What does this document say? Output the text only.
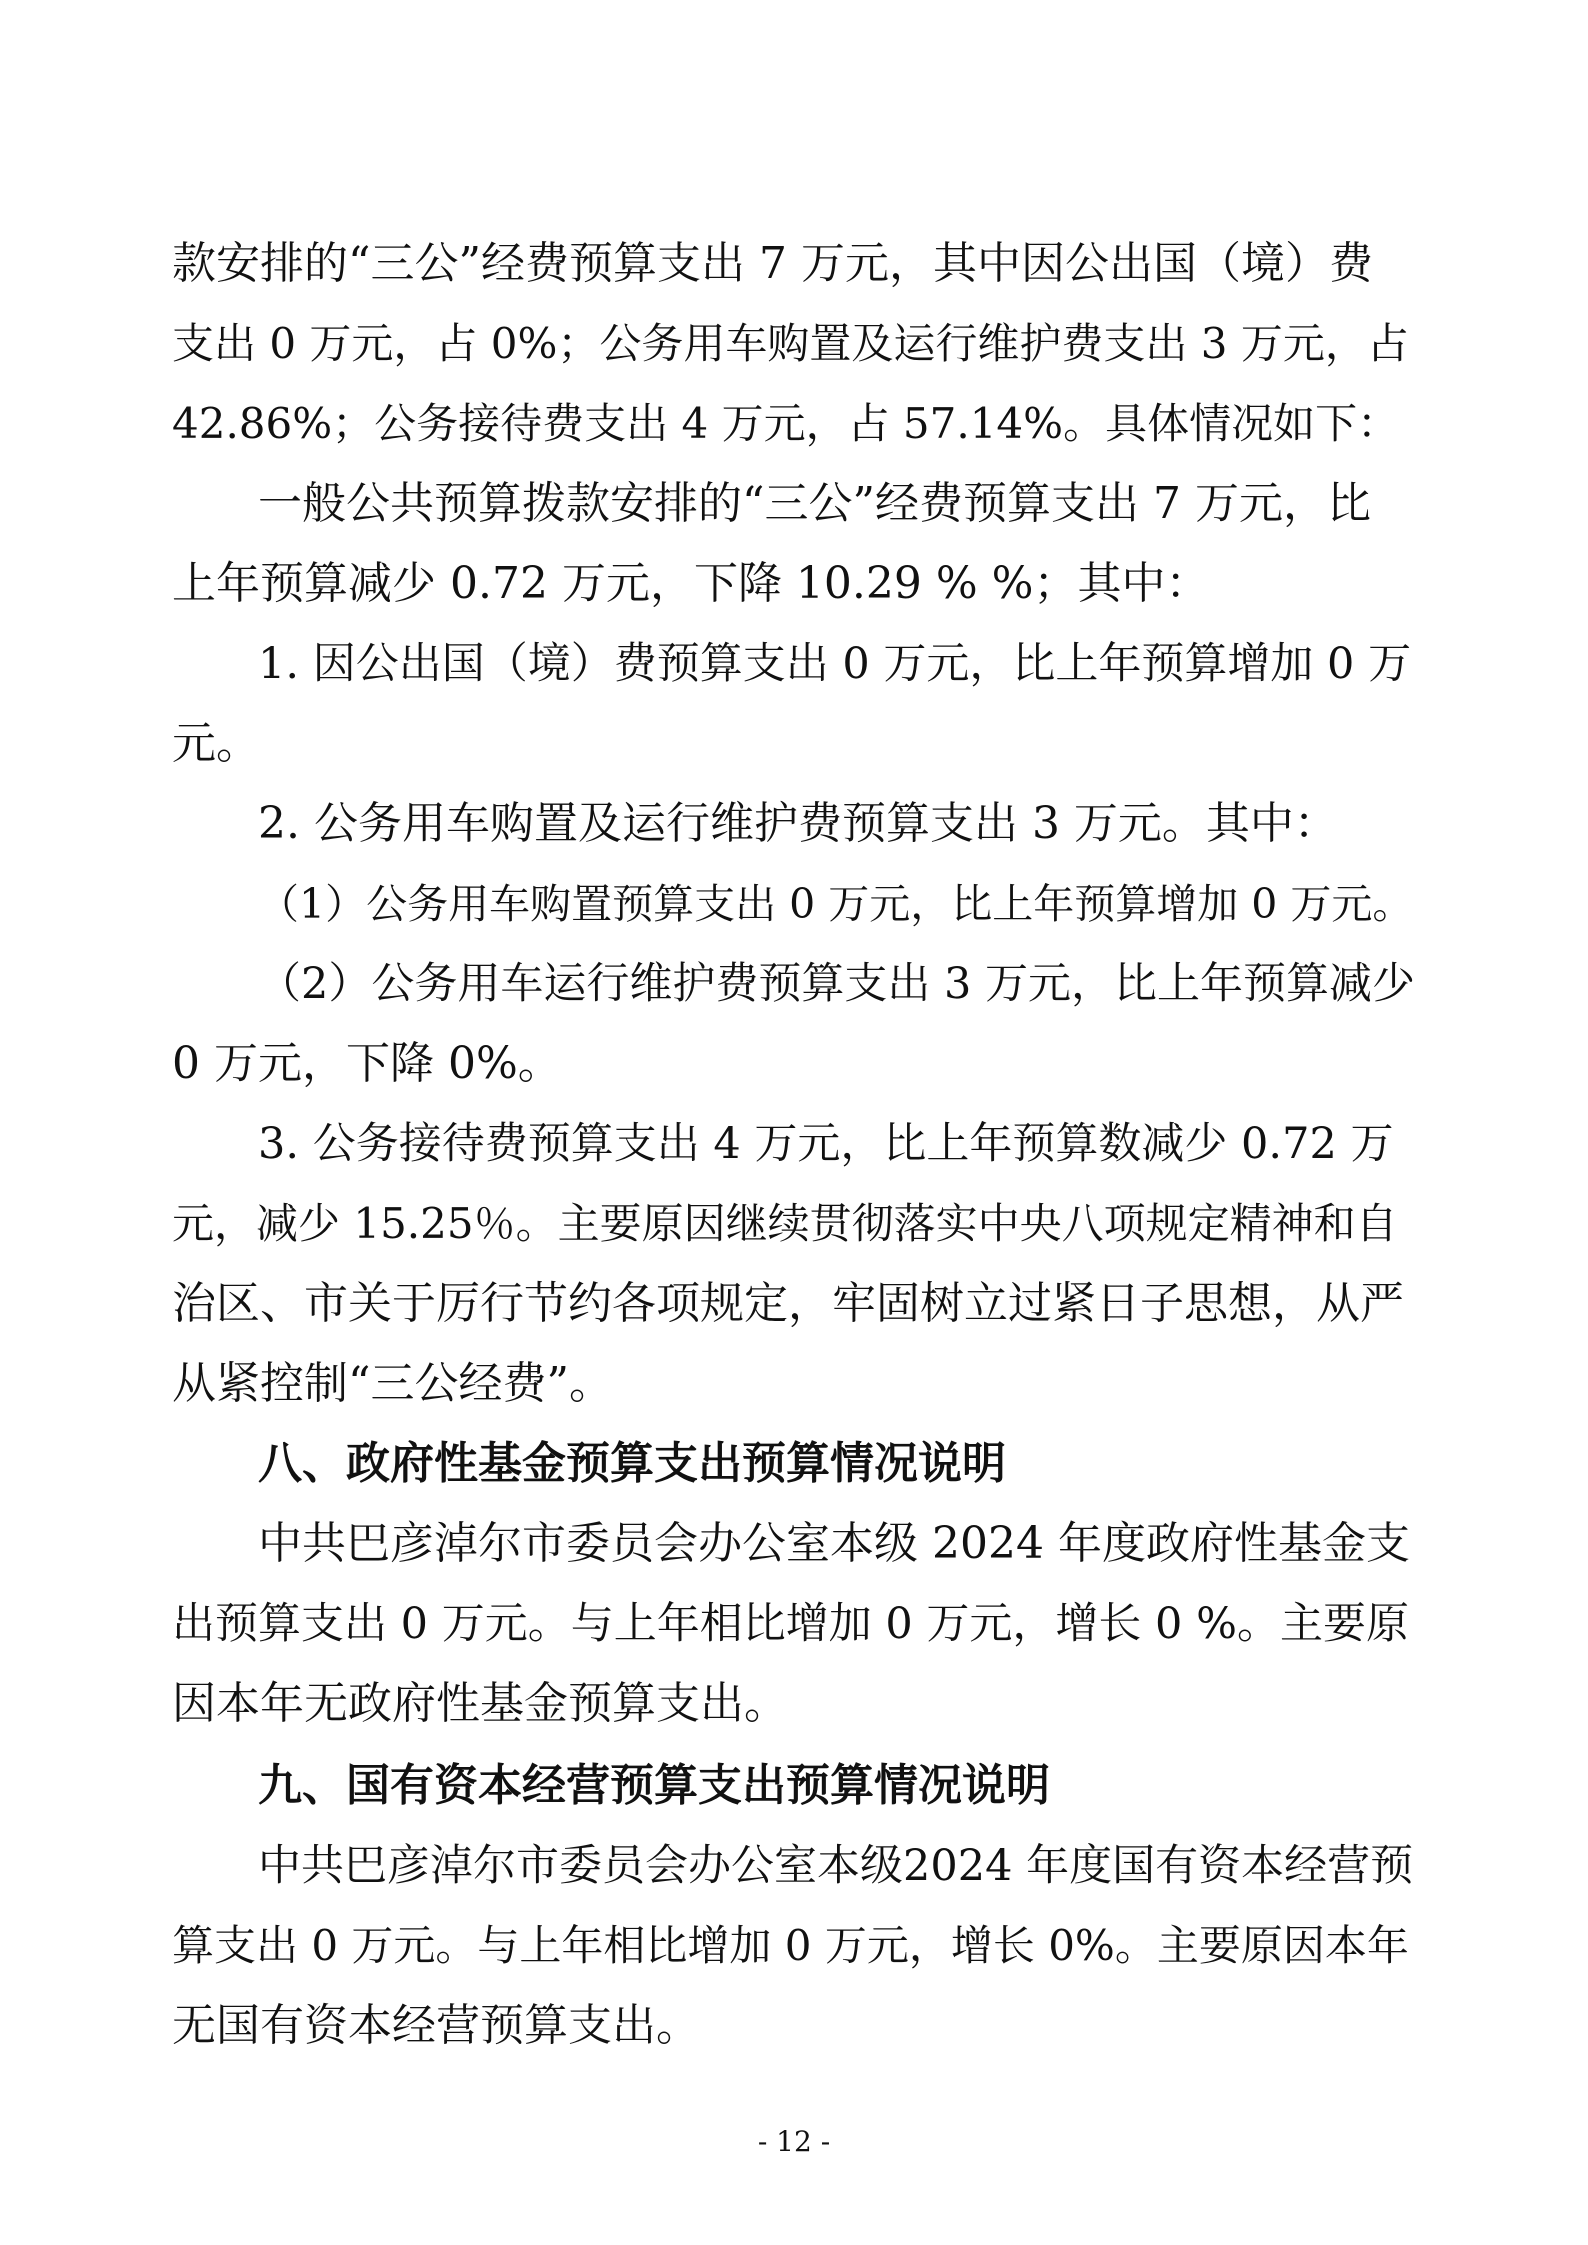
款安排的“三公”经费预算支出 7 万元，其中因公出国（境）费

支出 0 万元，占 0%；公务用车购置及运行维护费支出 3 万元，占

42.86%；公务接待费支出 4 万元，占 57.14%。具体情况如下：

一般公共预算拨款安排的“三公”经费预算支出 7 万元，比

上年预算减少 0.72 万元，下降 10.29 % %；其中：

1. 因公出国（境）费预算支出 0 万元，比上年预算增加 0 万

元。

2. 公务用车购置及运行维护费预算支出 3 万元。其中：

（1）公务用车购置预算支出 0 万元，比上年预算增加 0 万元。

（2）公务用车运行维护费预算支出 3 万元，比上年预算减少

0 万元，下降 0%。

3. 公务接待费预算支出 4 万元，比上年预算数减少 0.72 万

元，减少 15.25％。主要原因继续贯彻落实中央八项规定精神和自

治区、市关于厉行节约各项规定，牢固树立过紧日子思想，从严

从紧控制“三公经费”。

八、政府性基金预算支出预算情况说明

中共巴彦淖尔市委员会办公室本级 2024 年度政府性基金支

出预算支出 0 万元。与上年相比增加 0 万元，增长 0 %。主要原

因本年无政府性基金预算支出。

九、国有资本经营预算支出预算情况说明

中共巴彦淖尔市委员会办公室本级2024 年度国有资本经营预

算支出 0 万元。与上年相比增加 0 万元，增长 0%。主要原因本年

无国有资本经营预算支出。

- 12 -
